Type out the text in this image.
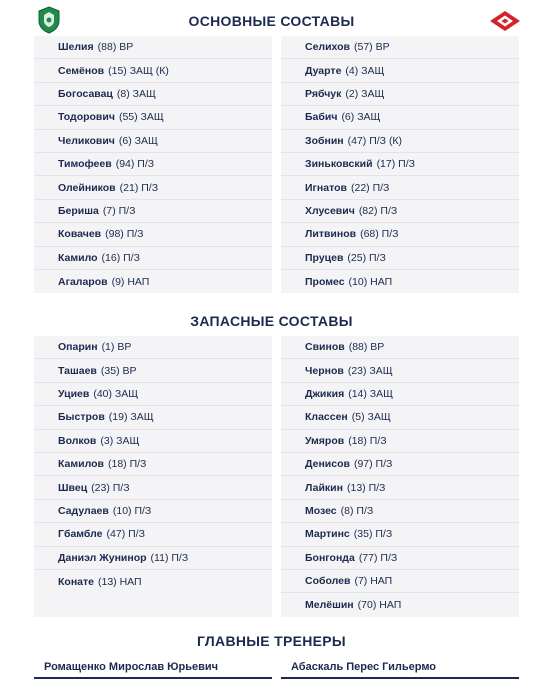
ОСНОВНЫЕ СОСТАВЫ
Шелия (88) ВР
Семёнов (15) ЗАЩ (К)
Богосавац (8) ЗАЩ
Тодорович (55) ЗАЩ
Челикович (6) ЗАЩ
Тимофеев (94) П/З
Олейников (21) П/З
Бериша (7) П/З
Ковачев (98) П/З
Камило (16) П/З
Агаларов (9) НАП
Селихов (57) ВР
Дуарте (4) ЗАЩ
Рябчук (2) ЗАЩ
Бабич (6) ЗАЩ
Зобнин (47) П/З (К)
Зиньковский (17) П/З
Игнатов (22) П/З
Хлусевич (82) П/З
Литвинов (68) П/З
Пруцев (25) П/З
Промес (10) НАП
ЗАПАСНЫЕ СОСТАВЫ
Опарин (1) ВР
Ташаев (35) ВР
Уциев (40) ЗАЩ
Быстров (19) ЗАЩ
Волков (3) ЗАЩ
Камилов (18) П/З
Швец (23) П/З
Садулаев (10) П/З
Гбамбле (47) П/З
Даниэл Жунинор (11) П/З
Конате (13) НАП
Свинов (88) ВР
Чернов (23) ЗАЩ
Джикия (14) ЗАЩ
Классен (5) ЗАЩ
Умяров (18) П/З
Денисов (97) П/З
Лайкин (13) П/З
Мозес (8) П/З
Мартинс (35) П/З
Бонгонда (77) П/З
Соболев (7) НАП
Мелёшин (70) НАП
ГЛАВНЫЕ ТРЕНЕРЫ
Ромащенко Мирослав Юрьевич	Абаскаль Перес Гильермо
